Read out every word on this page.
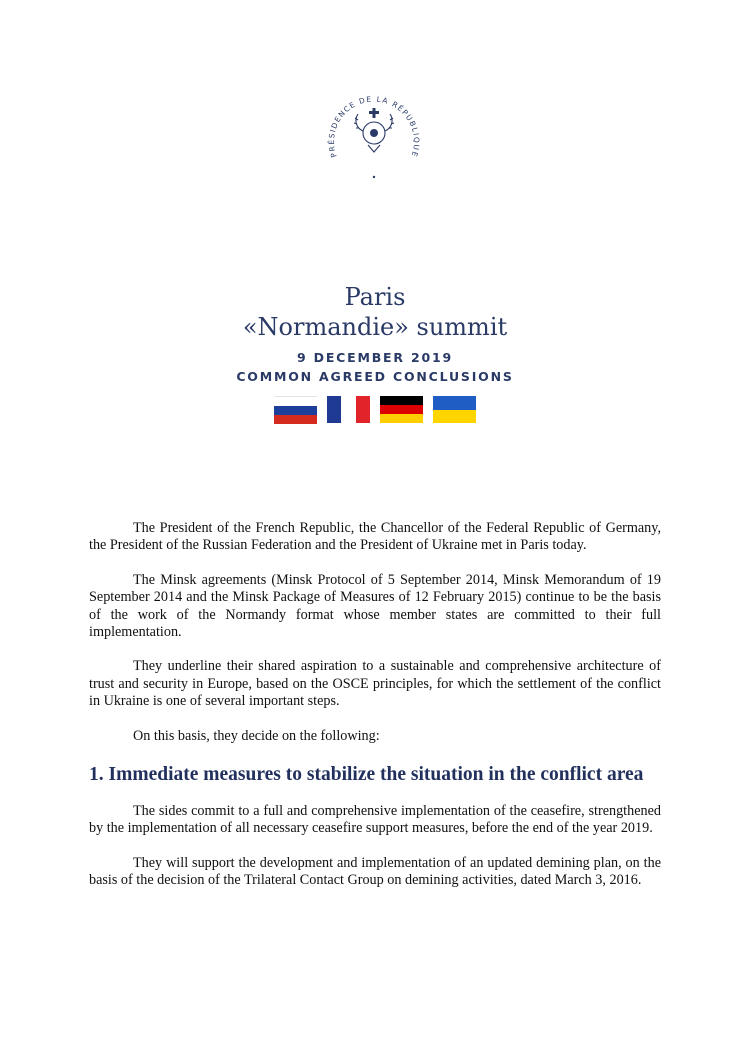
PRÉSIDENCE DE LA RÉPUBLIQUE
Paris
«Normandie» summit
9 DECEMBER 2019
COMMON AGREED CONCLUSIONS

The President of the French Republic, the Chancellor of the Federal Republic of Germany, the President of the Russian Federation and the President of Ukraine met in Paris today.

The Minsk agreements (Minsk Protocol of 5 September 2014, Minsk Memorandum of 19 September 2014 and the Minsk Package of Measures of 12 February 2015) continue to be the basis of the work of the Normandy format whose member states are committed to their full implementation.

They underline their shared aspiration to a sustainable and comprehensive architecture of trust and security in Europe, based on the OSCE principles, for which the settlement of the conflict in Ukraine is one of several important steps.

On this basis, they decide on the following:

1. Immediate measures to stabilize the situation in the conflict area

The sides commit to a full and comprehensive implementation of the ceasefire, strengthened by the implementation of all necessary ceasefire support measures, before the end of the year 2019.

They will support the development and implementation of an updated demining plan, on the basis of the decision of the Trilateral Contact Group on demining activities, dated March 3, 2016.
